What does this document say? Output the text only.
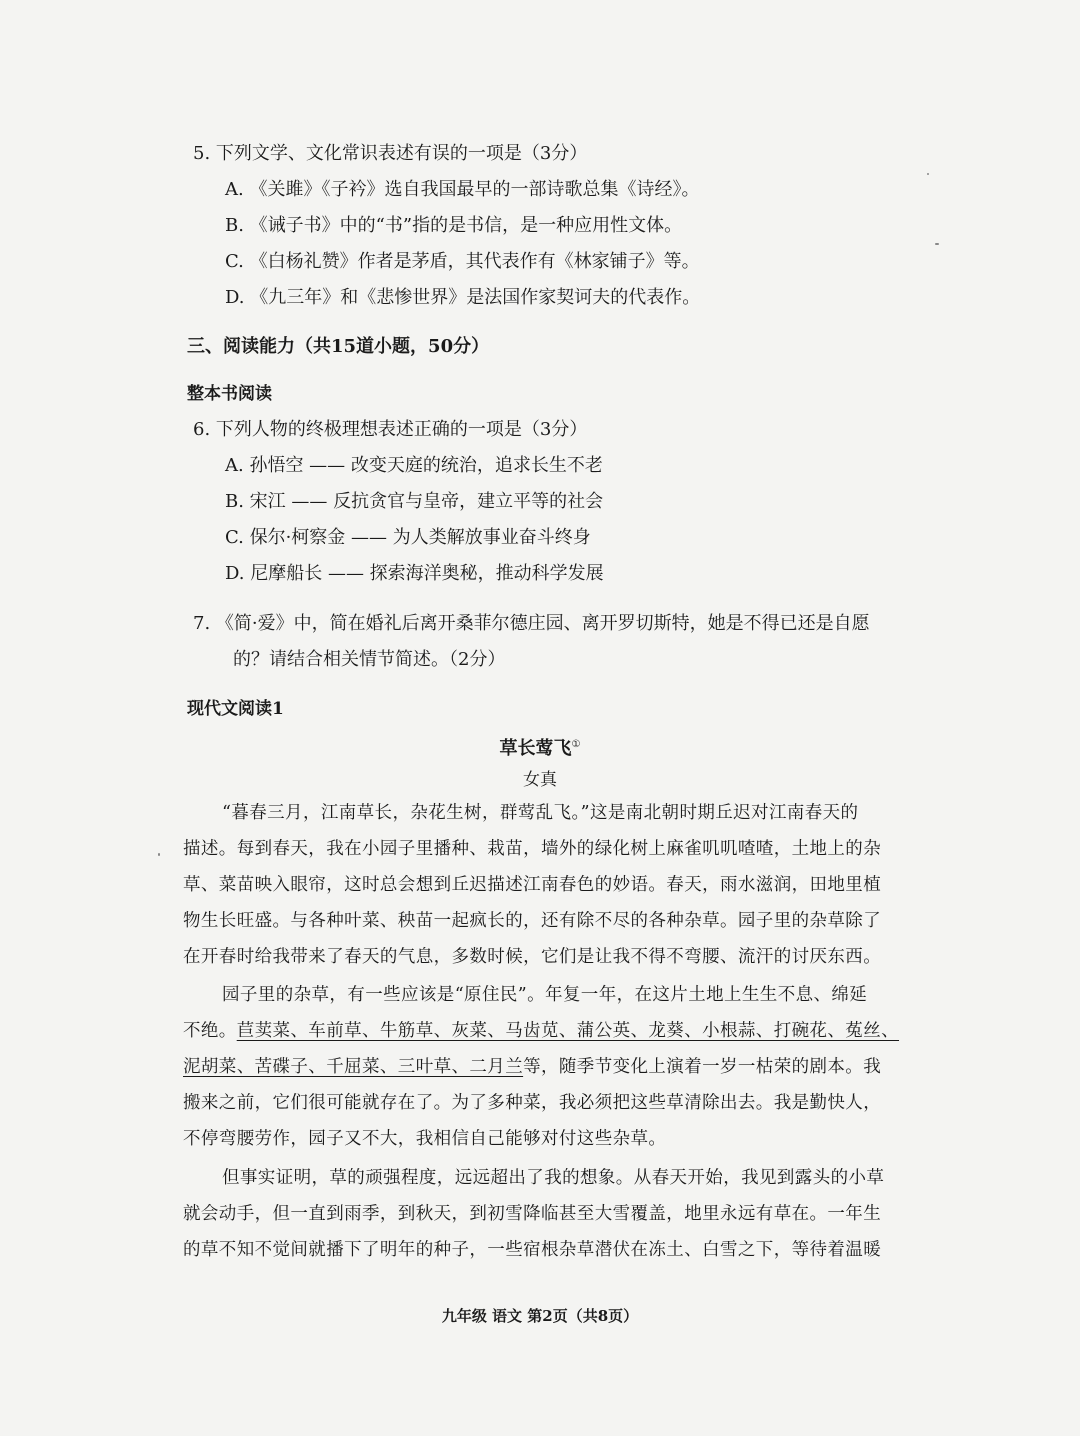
5. 下列文学、文化常识表述有误的一项是（3分）
A. 《关雎》《子衿》选自我国最早的一部诗歌总集《诗经》。
B. 《诫子书》中的“书”指的是书信，是一种应用性文体。
C. 《白杨礼赞》作者是茅盾，其代表作有《林家铺子》等。
D. 《九三年》和《悲惨世界》是法国作家契诃夫的代表作。
三、阅读能力（共15道小题，50分）
整本书阅读
6. 下列人物的终极理想表述正确的一项是（3分）
A. 孙悟空 —— 改变天庭的统治，追求长生不老
B. 宋江 —— 反抗贪官与皇帝，建立平等的社会
C. 保尔·柯察金 —— 为人类解放事业奋斗终身
D. 尼摩船长 —— 探索海洋奥秘，推动科学发展
7. 《简·爱》中，简在婚礼后离开桑菲尔德庄园、离开罗切斯特，她是不得已还是自愿
的？请结合相关情节简述。（2分）
现代文阅读1
草长莺飞①
女真
“暮春三月，江南草长，杂花生树，群莺乱飞。”这是南北朝时期丘迟对江南春天的
描述。每到春天，我在小园子里播种、栽苗，墙外的绿化树上麻雀叽叽喳喳，土地上的杂
草、菜苗映入眼帘，这时总会想到丘迟描述江南春色的妙语。春天，雨水滋润，田地里植
物生长旺盛。与各种叶菜、秧苗一起疯长的，还有除不尽的各种杂草。园子里的杂草除了
在开春时给我带来了春天的气息，多数时候，它们是让我不得不弯腰、流汗的讨厌东西。
园子里的杂草，有一些应该是“原住民”。年复一年，在这片土地上生生不息、绵延
不绝。苣荬菜、车前草、牛筋草、灰菜、马齿苋、蒲公英、龙葵、小根蒜、打碗花、菟丝、
泥胡菜、苦碟子、千屈菜、三叶草、二月兰等，随季节变化上演着一岁一枯荣的剧本。我
搬来之前，它们很可能就存在了。为了多种菜，我必须把这些草清除出去。我是勤快人，
不停弯腰劳作，园子又不大，我相信自己能够对付这些杂草。
但事实证明，草的顽强程度，远远超出了我的想象。从春天开始，我见到露头的小草
就会动手，但一直到雨季，到秋天，到初雪降临甚至大雪覆盖，地里永远有草在。一年生
的草不知不觉间就播下了明年的种子，一些宿根杂草潜伏在冻土、白雪之下，等待着温暖
九年级 语文 第2页（共8页）
